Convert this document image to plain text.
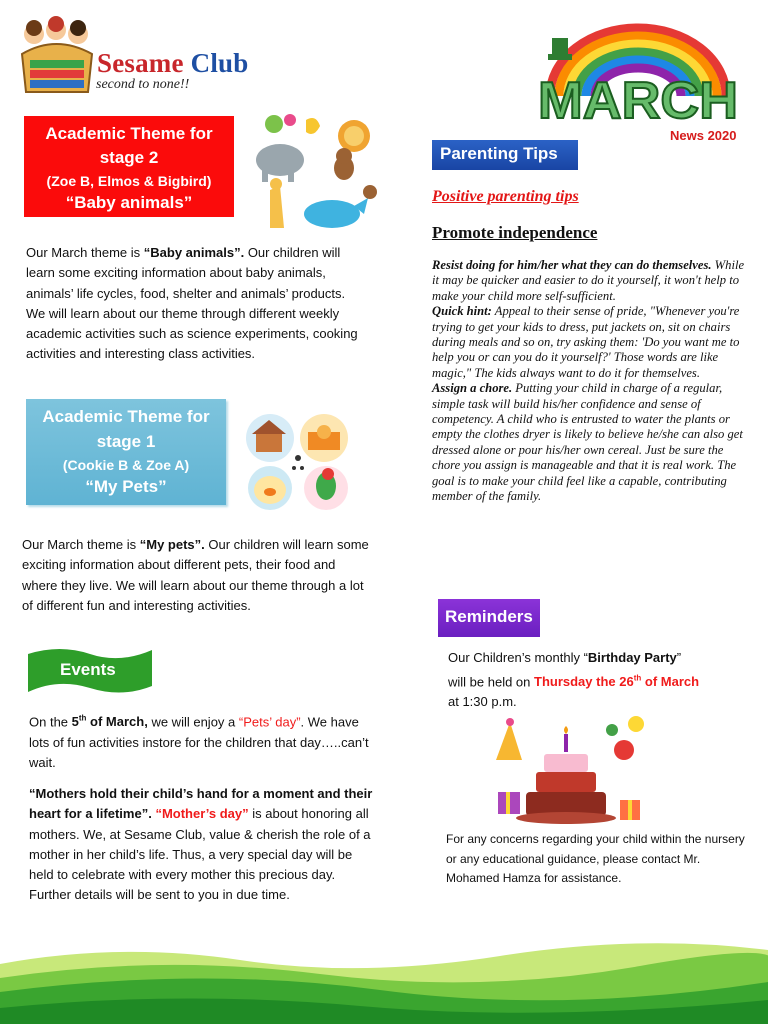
Sesame Club
second to none!!	MARCH
News 2020
Academic Theme for
stage 2
(Zoe B, Elmos & Bigbird)
“Baby animals”
Our March theme is “Baby animals”. Our children will learn some exciting information about baby animals, animals’ life cycles, food, shelter and animals’ products. We will learn about our theme through different weekly academic activities such as science experiments, cooking activities and interesting class activities.
Academic Theme for
stage 1
(Cookie B & Zoe A)
“My Pets”
Our March theme is “My pets”. Our children will learn some exciting information about different pets, their food and where they live. We will learn about our theme through a lot of different fun and interesting activities.
Events
On the 5th of March, we will enjoy a “Pets’ day”. We have lots of fun activities instore for the children that day…..can’t wait.
“Mothers hold their child’s hand for a moment and their heart for a lifetime”. “Mother’s day” is about honoring all mothers. We, at Sesame Club, value & cherish the role of a mother in her child’s life. Thus, a very special day will be held to celebrate with every mother this precious day. Further details will be sent to you in due time.
Parenting Tips
Positive parenting tips
Promote independence
Resist doing for him/her what they can do themselves. While it may be quicker and easier to do it yourself, it won't help to make your child more self-sufficient.
Quick hint: Appeal to their sense of pride, "Whenever you're trying to get your kids to dress, put jackets on, sit on chairs during meals and so on, try asking them: 'Do you want me to help you or can you do it yourself?' Those words are like magic," The kids always want to do it for themselves.
Assign a chore. Putting your child in charge of a regular, simple task will build his/her confidence and sense of competency. A child who is entrusted to water the plants or empty the clothes dryer is likely to believe he/she can also get dressed alone or pour his/her own cereal. Just be sure the chore you assign is manageable and that it is real work. The goal is to make your child feel like a capable, contributing member of the family.
Reminders
Our Children’s monthly “Birthday Party”
will be held on Thursday the 26th of March
at 1:30 p.m.
For any concerns regarding your child within the nursery or any educational guidance, please contact Mr. Mohamed Hamza for assistance.
